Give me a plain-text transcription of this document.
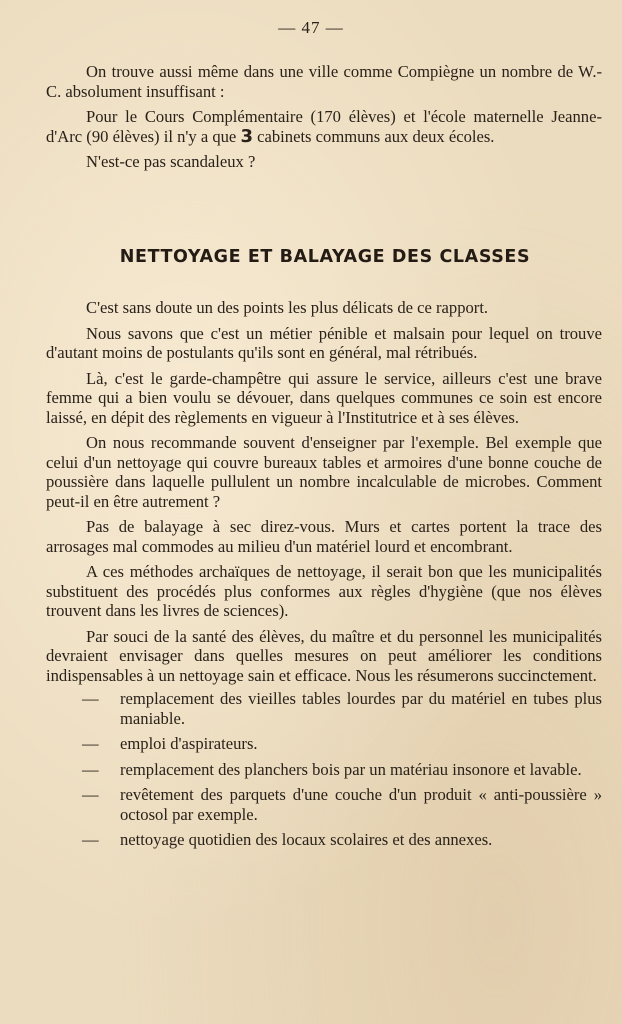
— 47 —

On trouve aussi même dans une ville comme Compiègne un nombre de W.-C. absolument insuffisant :

Pour le Cours Complémentaire (170 élèves) et l'école maternelle Jeanne-d'Arc (90 élèves) il n'y a que 3 cabinets communs aux deux écoles.

N'est-ce pas scandaleux ?

NETTOYAGE ET BALAYAGE DES CLASSES

C'est sans doute un des points les plus délicats de ce rapport.

Nous savons que c'est un métier pénible et malsain pour lequel on trouve d'autant moins de postulants qu'ils sont en général, mal rétribués.

Là, c'est le garde-champêtre qui assure le service, ailleurs c'est une brave femme qui a bien voulu se dévouer, dans quelques communes ce soin est encore laissé, en dépit des règlements en vigueur à l'Institutrice et à ses élèves.

On nous recommande souvent d'enseigner par l'exemple. Bel exemple que celui d'un nettoyage qui couvre bureaux tables et armoires d'une bonne couche de poussière dans laquelle pullulent un nombre incalculable de microbes. Comment peut-il en être autrement ?

Pas de balayage à sec direz-vous. Murs et cartes portent la trace des arrosages mal commodes au milieu d'un matériel lourd et encombrant.

A ces méthodes archaïques de nettoyage, il serait bon que les municipalités substituent des procédés plus conformes aux règles d'hygiène (que nos élèves trouvent dans les livres de sciences).

Par souci de la santé des élèves, du maître et du personnel les municipalités devraient envisager dans quelles mesures on peut améliorer les conditions indispensables à un nettoyage sain et efficace. Nous les résumerons succinctement.

— remplacement des vieilles tables lourdes par du matériel en tubes plus maniable.
— emploi d'aspirateurs.
— remplacement des planchers bois par un matériau insonore et lavable.
— revêtement des parquets d'une couche d'un produit « anti-poussière » octosol par exemple.
— nettoyage quotidien des locaux scolaires et des annexes.
